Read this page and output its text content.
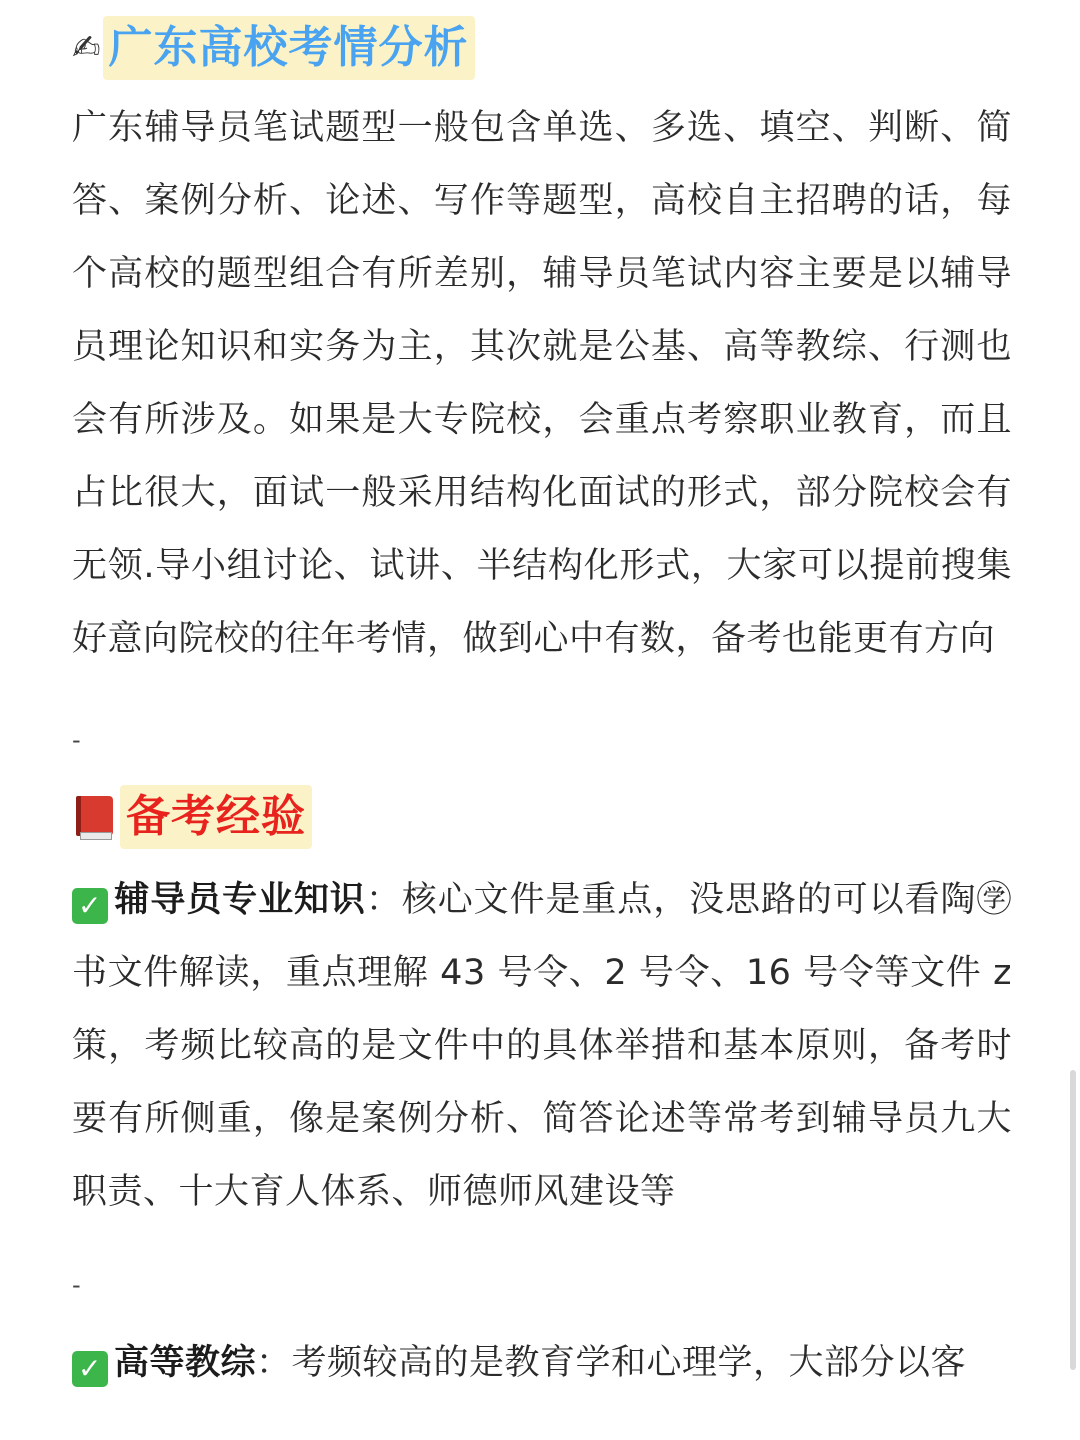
✍ 广东高校考情分析

广东辅导员笔试题型一般包含单选、多选、填空、判断、简答、案例分析、论述、写作等题型，高校自主招聘的话，每个高校的题型组合有所差别，辅导员笔试内容主要是以辅导员理论知识和实务为主，其次就是公基、高等教综、行测也会有所涉及。如果是大专院校，会重点考察职业教育，而且占比很大，面试一般采用结构化面试的形式，部分院校会有无领.导小组讨论、试讲、半结构化形式，大家可以提前搜集好意向院校的往年考情，做到心中有数，备考也能更有方向

-
备考经验

✓ 辅导员专业知识：核心文件是重点，没思路的可以看陶㊫书文件解读，重点理解 43 号令、2 号令、16 号令等文件 z 策，考频比较高的是文件中的具体举措和基本原则，备考时要有所侧重，像是案例分析、简答论述等常考到辅导员九大职责、十大育人体系、师德师风建设等

-

✓ 高等教综：考频较高的是教育学和心理学，大部分以客
